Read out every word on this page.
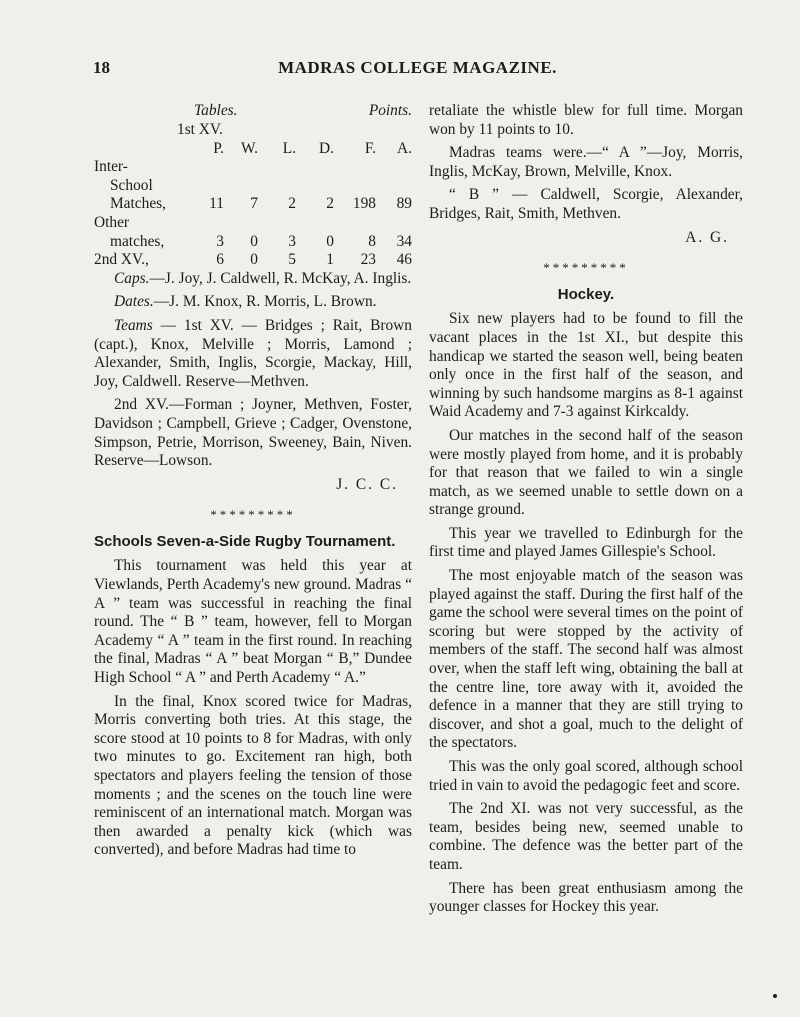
18	MADRAS COLLEGE MAGAZINE.
Tables.	Points.
1st XV.
	P.	W.	L.	D.	F.	A.
Inter-						
School						
Matches,	11	7	2	2	198	89
Other						
matches,	3	0	3	0	8	34
2nd XV.,	6	0	5	1	23	46

Caps.—J. Joy, J. Caldwell, R. McKay, A. Inglis.

Dates.—J. M. Knox, R. Morris, L. Brown.

Teams — 1st XV. — Bridges ; Rait, Brown (capt.), Knox, Melville ; Morris, Lamond ; Alexander, Smith, Inglis, Scorgie, Mackay, Hill, Joy, Caldwell. Reserve—Methven.

2nd XV.—Forman ; Joyner, Methven, Foster, Davidson ; Campbell, Grieve ; Cadger, Ovenstone, Simpson, Petrie, Morrison, Sweeney, Bain, Niven. Reserve—Lowson.

J. C. C.
*********
Schools Seven-a-Side Rugby Tournament.

This tournament was held this year at Viewlands, Perth Academy's new ground. Madras “ A ” team was successful in reaching the final round. The “ B ” team, however, fell to Morgan Academy “ A ” team in the first round. In reaching the final, Madras “ A ” beat Morgan “ B,” Dundee High School “ A ” and Perth Academy “ A.”

In the final, Knox scored twice for Madras, Morris converting both tries. At this stage, the score stood at 10 points to 8 for Madras, with only two minutes to go. Excitement ran high, both spectators and players feeling the tension of those moments ; and the scenes on the touch line were reminiscent of an international match. Morgan was then awarded a penalty kick (which was converted), and before Madras had time to

retaliate the whistle blew for full time. Morgan won by 11 points to 10.

Madras teams were.—“ A ”—Joy, Morris, Inglis, McKay, Brown, Melville, Knox.

“ B ” — Caldwell, Scorgie, Alexander, Bridges, Rait, Smith, Methven.

A. G.
*********
Hockey.

Six new players had to be found to fill the vacant places in the 1st XI., but despite this handicap we started the season well, being beaten only once in the first half of the season, and winning by such handsome margins as 8-1 against Waid Academy and 7-3 against Kirkcaldy.

Our matches in the second half of the season were mostly played from home, and it is probably for that reason that we failed to win a single match, as we seemed unable to settle down on a strange ground.

This year we travelled to Edinburgh for the first time and played James Gillespie's School.

The most enjoyable match of the season was played against the staff. During the first half of the game the school were several times on the point of scoring but were stopped by the activity of members of the staff. The second half was almost over, when the staff left wing, obtaining the ball at the centre line, tore away with it, avoided the defence in a manner that they are still trying to discover, and shot a goal, much to the delight of the spectators.

This was the only goal scored, although school tried in vain to avoid the pedagogic feet and score.

The 2nd XI. was not very successful, as the team, besides being new, seemed unable to combine. The defence was the better part of the team.

There has been great enthusiasm among the younger classes for Hockey this year.
